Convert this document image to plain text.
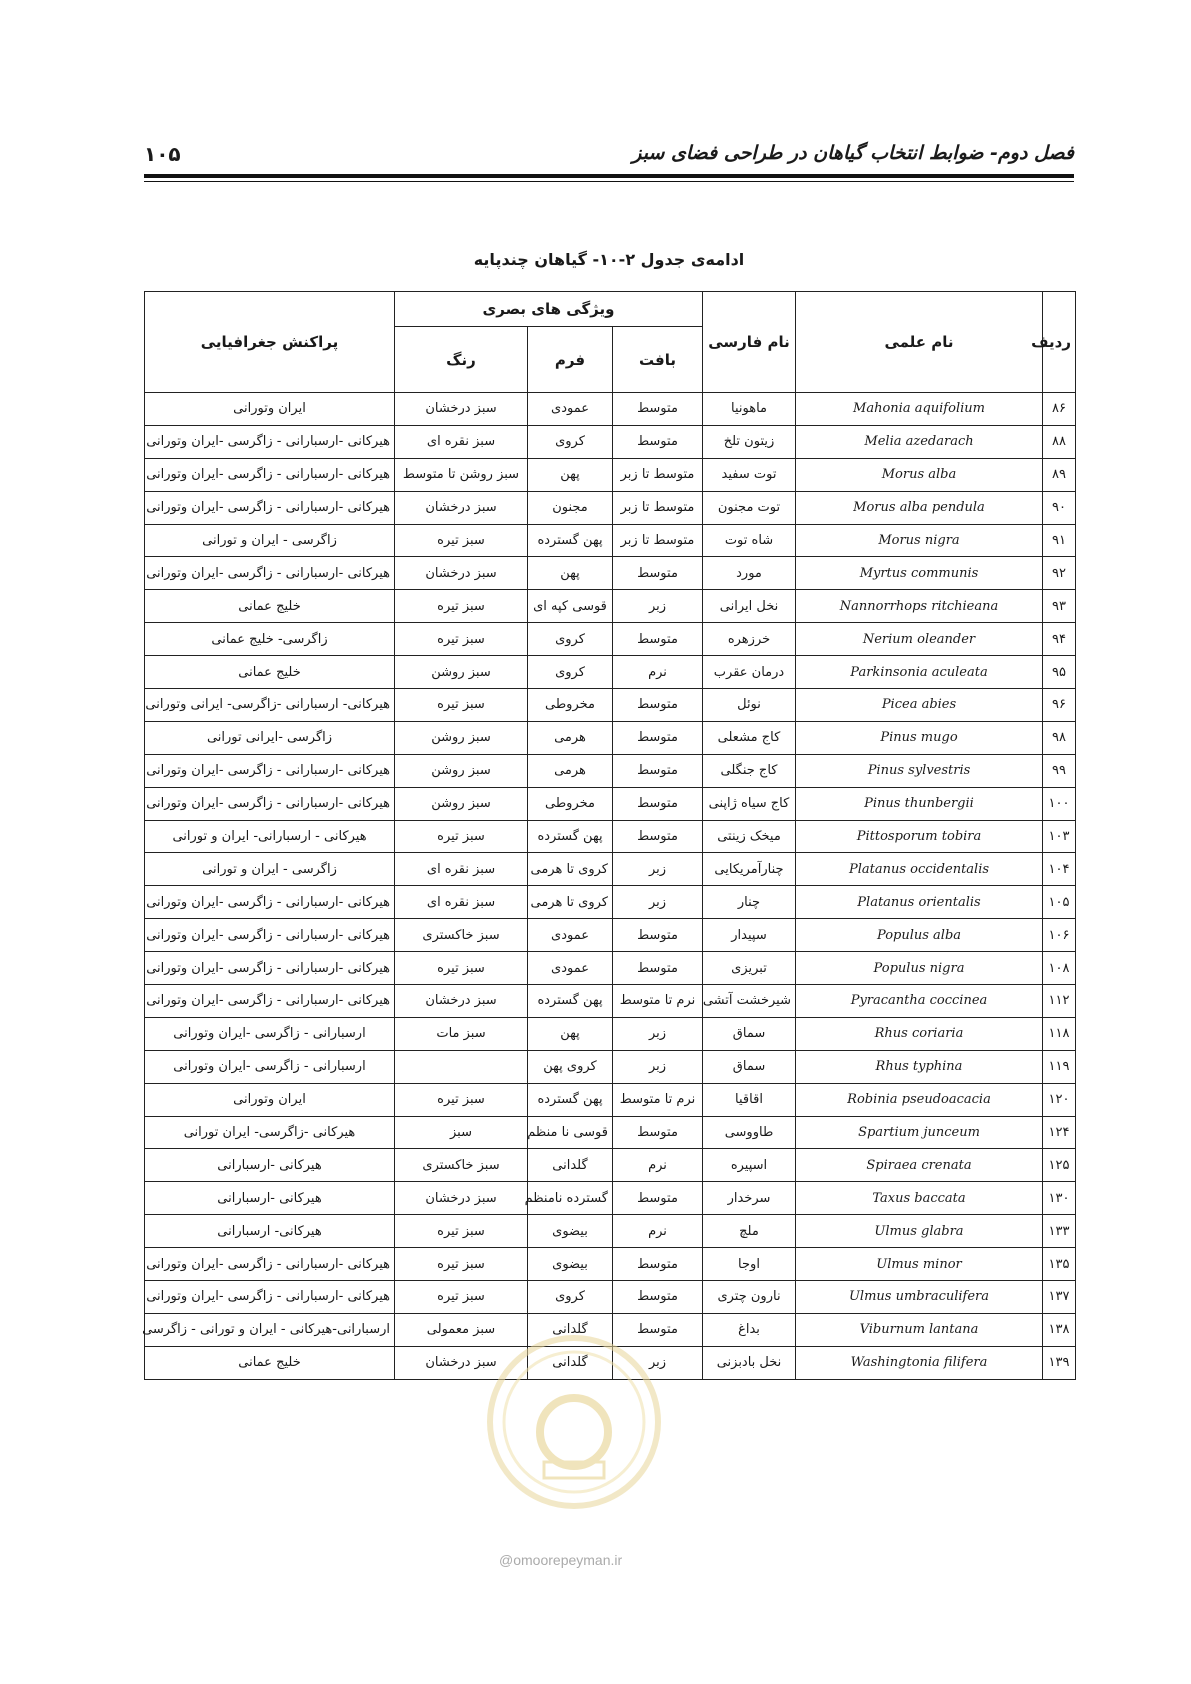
فصل دوم- ضوابط انتخاب گیاهان در طراحی فضای سبز
۱۰۵
ادامه‌ی جدول ۲-۱۰- گیاهان چندپایه
ردیف	نام علمی	نام فارسی	ویژگی های بصری			پراکنش جغرافیایی
			بافت	فرم	رنگ	
۸۶	Mahonia aquifolium	ماهونیا	متوسط	عمودی	سبز درخشان	ایران وتورانی
۸۸	Melia azedarach	زیتون تلخ	متوسط	کروی	سبز نقره ای	هیرکانی -ارسبارانی - زاگرسی -ایران وتورانی
۸۹	Morus alba	توت سفید	متوسط تا زبر	پهن	سبز روشن تا متوسط	هیرکانی -ارسبارانی - زاگرسی -ایران وتورانی
۹۰	Morus alba pendula	توت مجنون	متوسط تا زبر	مجنون	سبز درخشان	هیرکانی -ارسبارانی - زاگرسی -ایران وتورانی
۹۱	Morus nigra	شاه توت	متوسط تا زبر	پهن گسترده	سبز تیره	زاگرسی - ایران و تورانی
۹۲	Myrtus communis	مورد	متوسط	پهن	سبز درخشان	هیرکانی -ارسبارانی - زاگرسی -ایران وتورانی
۹۳	Nannorrhops ritchieana	نخل ایرانی	زبر	قوسی کپه ای	سبز تیره	خلیج عمانی
۹۴	Nerium oleander	خرزهره	متوسط	کروی	سبز تیره	زاگرسی- خلیج عمانی
۹۵	Parkinsonia aculeata	درمان عقرب	نرم	کروی	سبز روشن	خلیج عمانی
۹۶	Picea abies	نوئل	متوسط	مخروطی	سبز تیره	هیرکانی- ارسبارانی -زاگرسی- ایرانی وتورانی
۹۸	Pinus mugo	کاج مشعلی	متوسط	هرمی	سبز روشن	زاگرسی -ایرانی تورانی
۹۹	Pinus sylvestris	کاج جنگلی	متوسط	هرمی	سبز روشن	هیرکانی -ارسبارانی - زاگرسی -ایران وتورانی
۱۰۰	Pinus thunbergii	کاج سیاه ژاپنی	متوسط	مخروطی	سبز روشن	هیرکانی -ارسبارانی - زاگرسی -ایران وتورانی
۱۰۳	Pittosporum tobira	میخک زینتی	متوسط	پهن گسترده	سبز تیره	هیرکانی - ارسبارانی- ایران و تورانی
۱۰۴	Platanus occidentalis	چنارآمریکایی	زبر	کروی تا هرمی	سبز نقره ای	زاگرسی - ایران و تورانی
۱۰۵	Platanus orientalis	چنار	زبر	کروی تا هرمی	سبز نقره ای	هیرکانی -ارسبارانی - زاگرسی -ایران وتورانی
۱۰۶	Populus alba	سپیدار	متوسط	عمودی	سبز خاکستری	هیرکانی -ارسبارانی - زاگرسی -ایران وتورانی
۱۰۸	Populus nigra	تبریزی	متوسط	عمودی	سبز تیره	هیرکانی -ارسبارانی - زاگرسی -ایران وتورانی
۱۱۲	Pyracantha coccinea	شیرخشت آتشی	نرم تا متوسط	پهن گسترده	سبز درخشان	هیرکانی -ارسبارانی - زاگرسی -ایران وتورانی
۱۱۸	Rhus coriaria	سماق	زبر	پهن	سبز مات	ارسبارانی - زاگرسی -ایران وتورانی
۱۱۹	Rhus typhina	سماق	زبر	کروی پهن		ارسبارانی - زاگرسی -ایران وتورانی
۱۲۰	Robinia pseudoacacia	اقاقیا	نرم تا متوسط	پهن گسترده	سبز تیره	ایران وتورانی
۱۲۴	Spartium junceum	طاووسی	متوسط	قوسی نا منظم	سبز	هیرکانی -زاگرسی- ایران تورانی
۱۲۵	Spiraea crenata	اسپیره	نرم	گلدانی	سبز خاکستری	هیرکانی -ارسبارانی
۱۳۰	Taxus baccata	سرخدار	متوسط	گسترده نامنظم	سبز درخشان	هیرکانی -ارسبارانی
۱۳۳	Ulmus glabra	ملچ	نرم	بیضوی	سبز تیره	هیرکانی- ارسبارانی
۱۳۵	Ulmus minor	اوجا	متوسط	بیضوی	سبز تیره	هیرکانی -ارسبارانی - زاگرسی -ایران وتورانی
۱۳۷	Ulmus umbraculifera	نارون چتری	متوسط	کروی	سبز تیره	هیرکانی -ارسبارانی - زاگرسی -ایران وتورانی
۱۳۸	Viburnum lantana	بداغ	متوسط	گلدانی	سبز معمولی	ارسبارانی-هیرکانی - ایران و تورانی - زاگرسی
۱۳۹	Washingtonia filifera	نخل بادبزنی	زبر	گلدانی	سبز درخشان	خلیج عمانی
@omoorepeyman.ir
